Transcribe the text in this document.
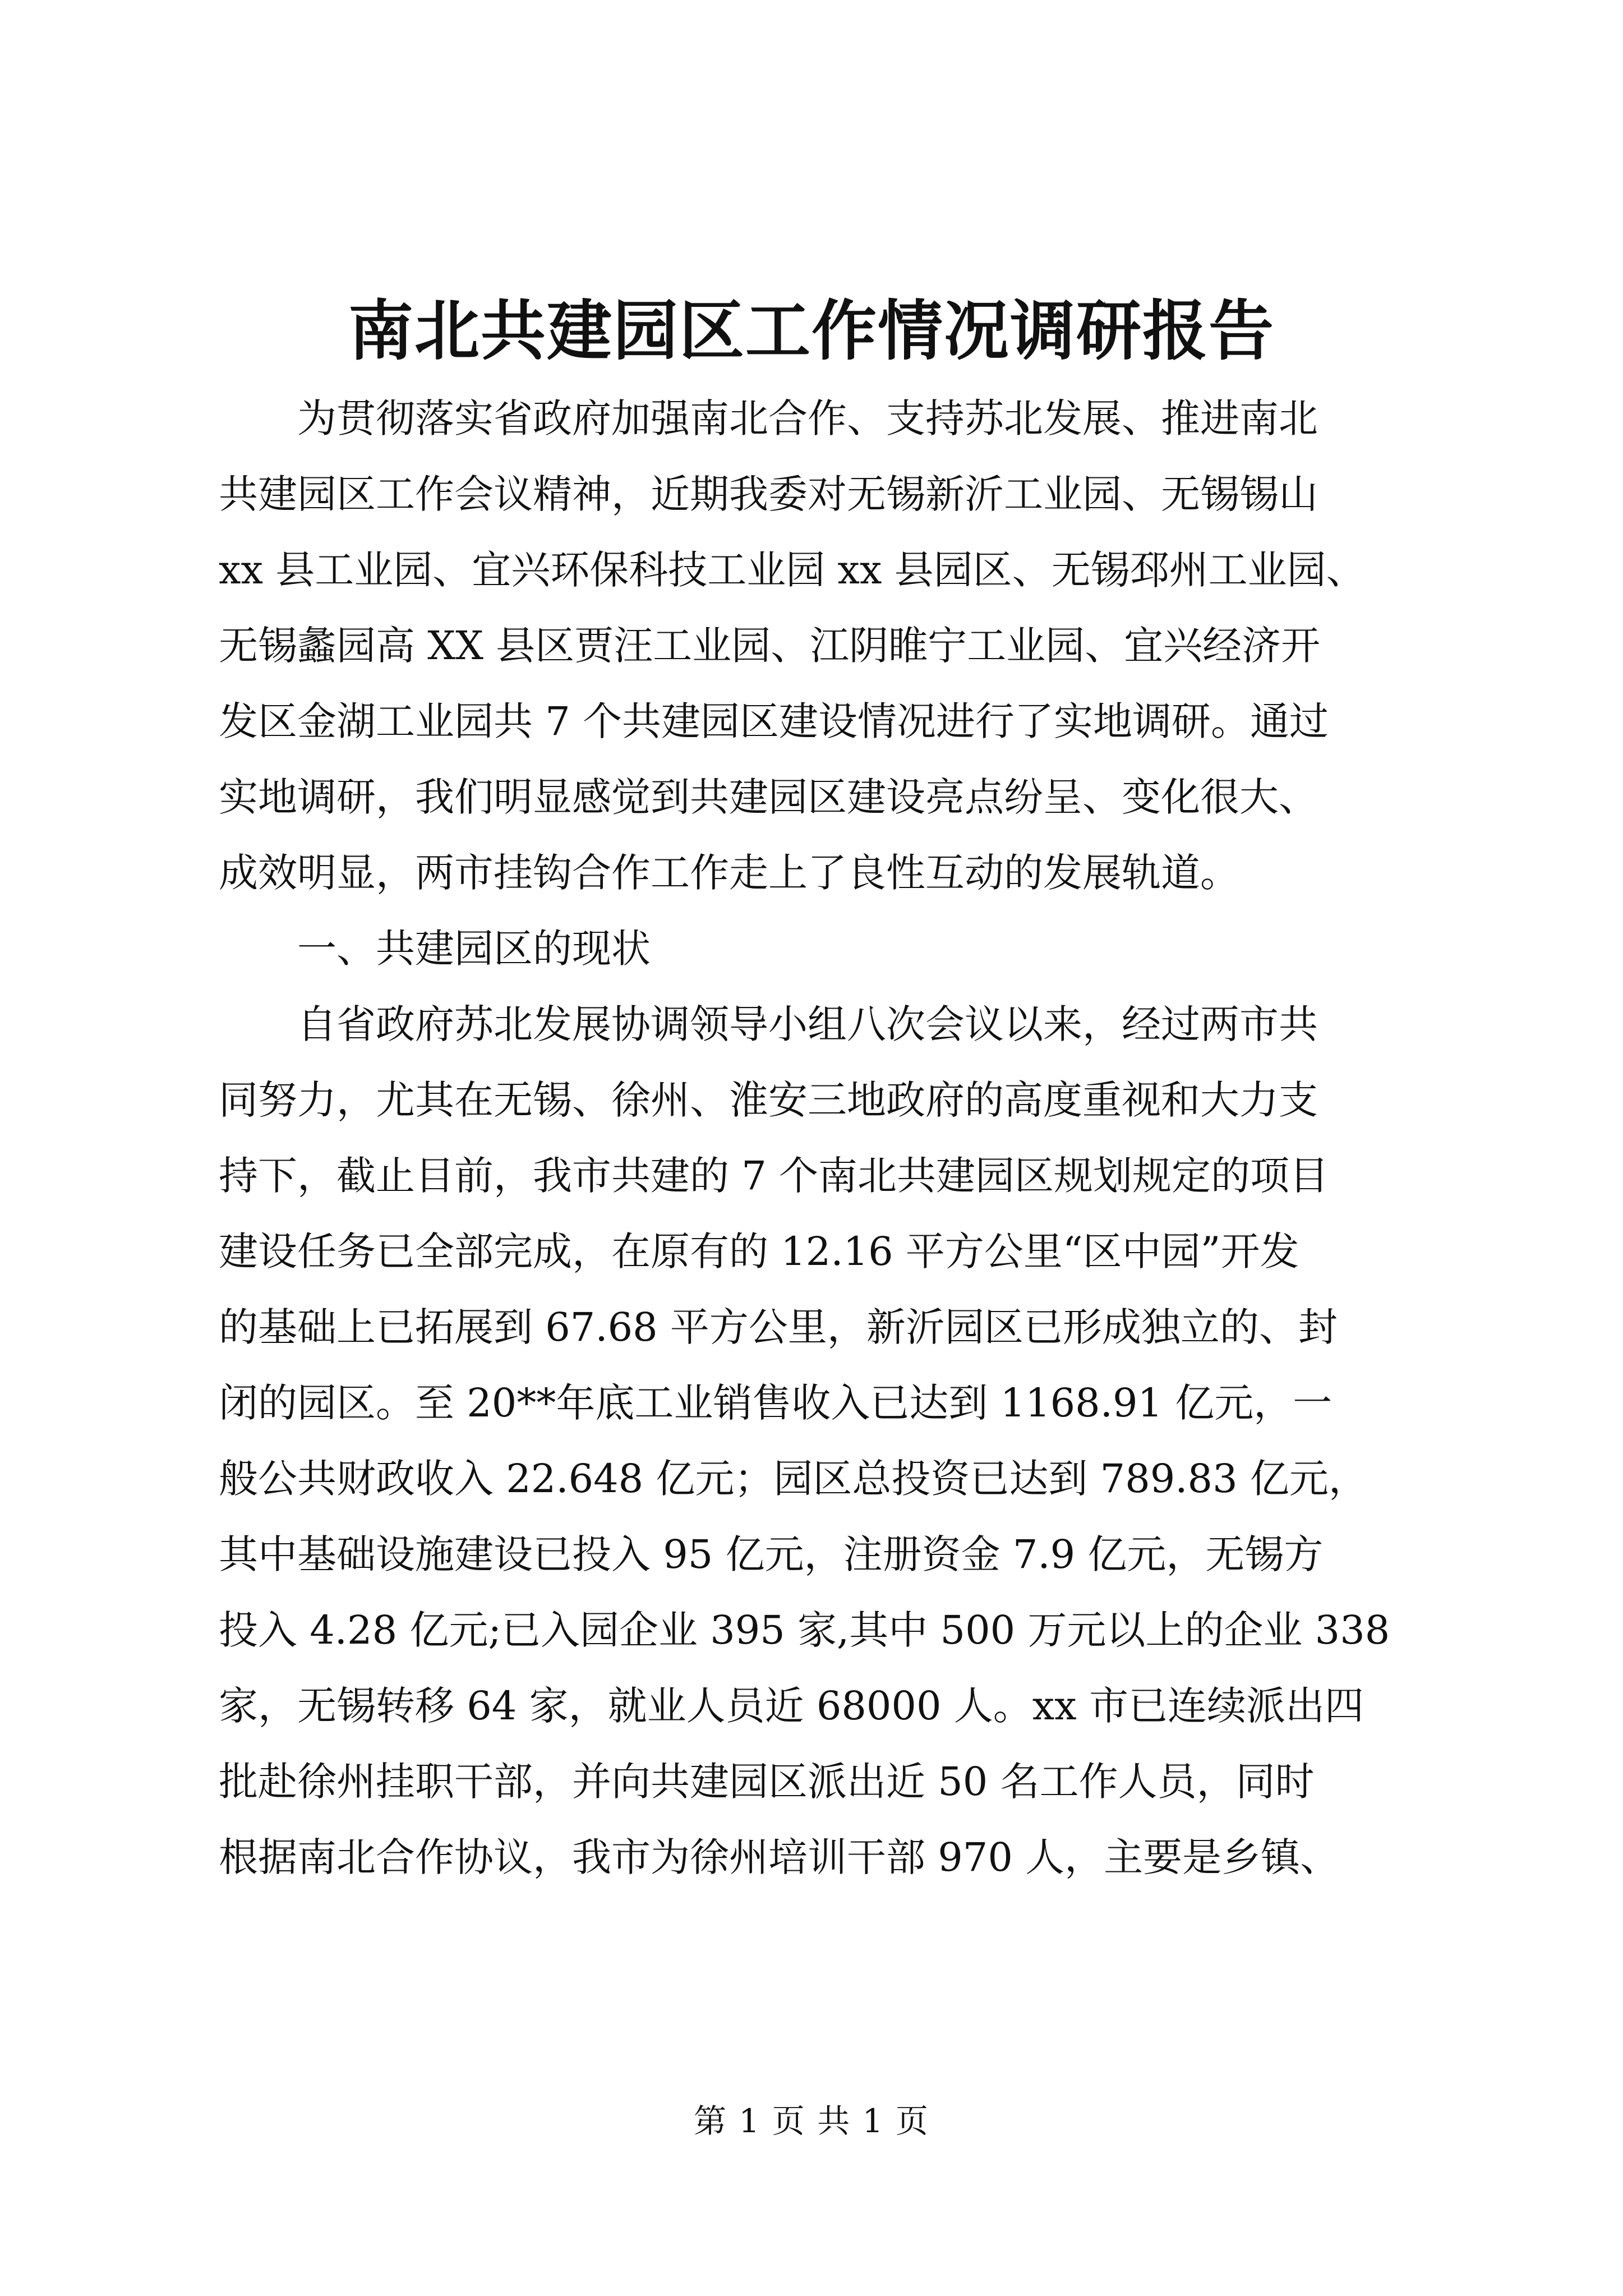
南北共建园区工作情况调研报告

　　为贯彻落实省政府加强南北合作、支持苏北发展、推进南北

共建园区工作会议精神，近期我委对无锡新沂工业园、无锡锡山

xx 县工业园、宜兴环保科技工业园 xx 县园区、无锡邳州工业园、

无锡蠡园高 XX 县区贾汪工业园、江阴睢宁工业园、宜兴经济开

发区金湖工业园共 7 个共建园区建设情况进行了实地调研。通过

实地调研，我们明显感觉到共建园区建设亮点纷呈、变化很大、

成效明显，两市挂钩合作工作走上了良性互动的发展轨道。

　　一、共建园区的现状

　　自省政府苏北发展协调领导小组八次会议以来，经过两市共

同努力，尤其在无锡、徐州、淮安三地政府的高度重视和大力支

持下，截止目前，我市共建的 7 个南北共建园区规划规定的项目

建设任务已全部完成，在原有的 12.16 平方公里“区中园”开发

的基础上已拓展到 67.68 平方公里，新沂园区已形成独立的、封

闭的园区。至 20**年底工业销售收入已达到 1168.91 亿元，一

般公共财政收入 22.648 亿元；园区总投资已达到 789.83 亿元，

其中基础设施建设已投入 95 亿元，注册资金 7.9 亿元，无锡方

投入 4.28 亿元;已入园企业 395 家,其中 500 万元以上的企业 338

家，无锡转移 64 家，就业人员近 68000 人。xx 市已连续派出四

批赴徐州挂职干部，并向共建园区派出近 50 名工作人员，同时

根据南北合作协议，我市为徐州培训干部 970 人，主要是乡镇、

第 1 页 共 1 页
